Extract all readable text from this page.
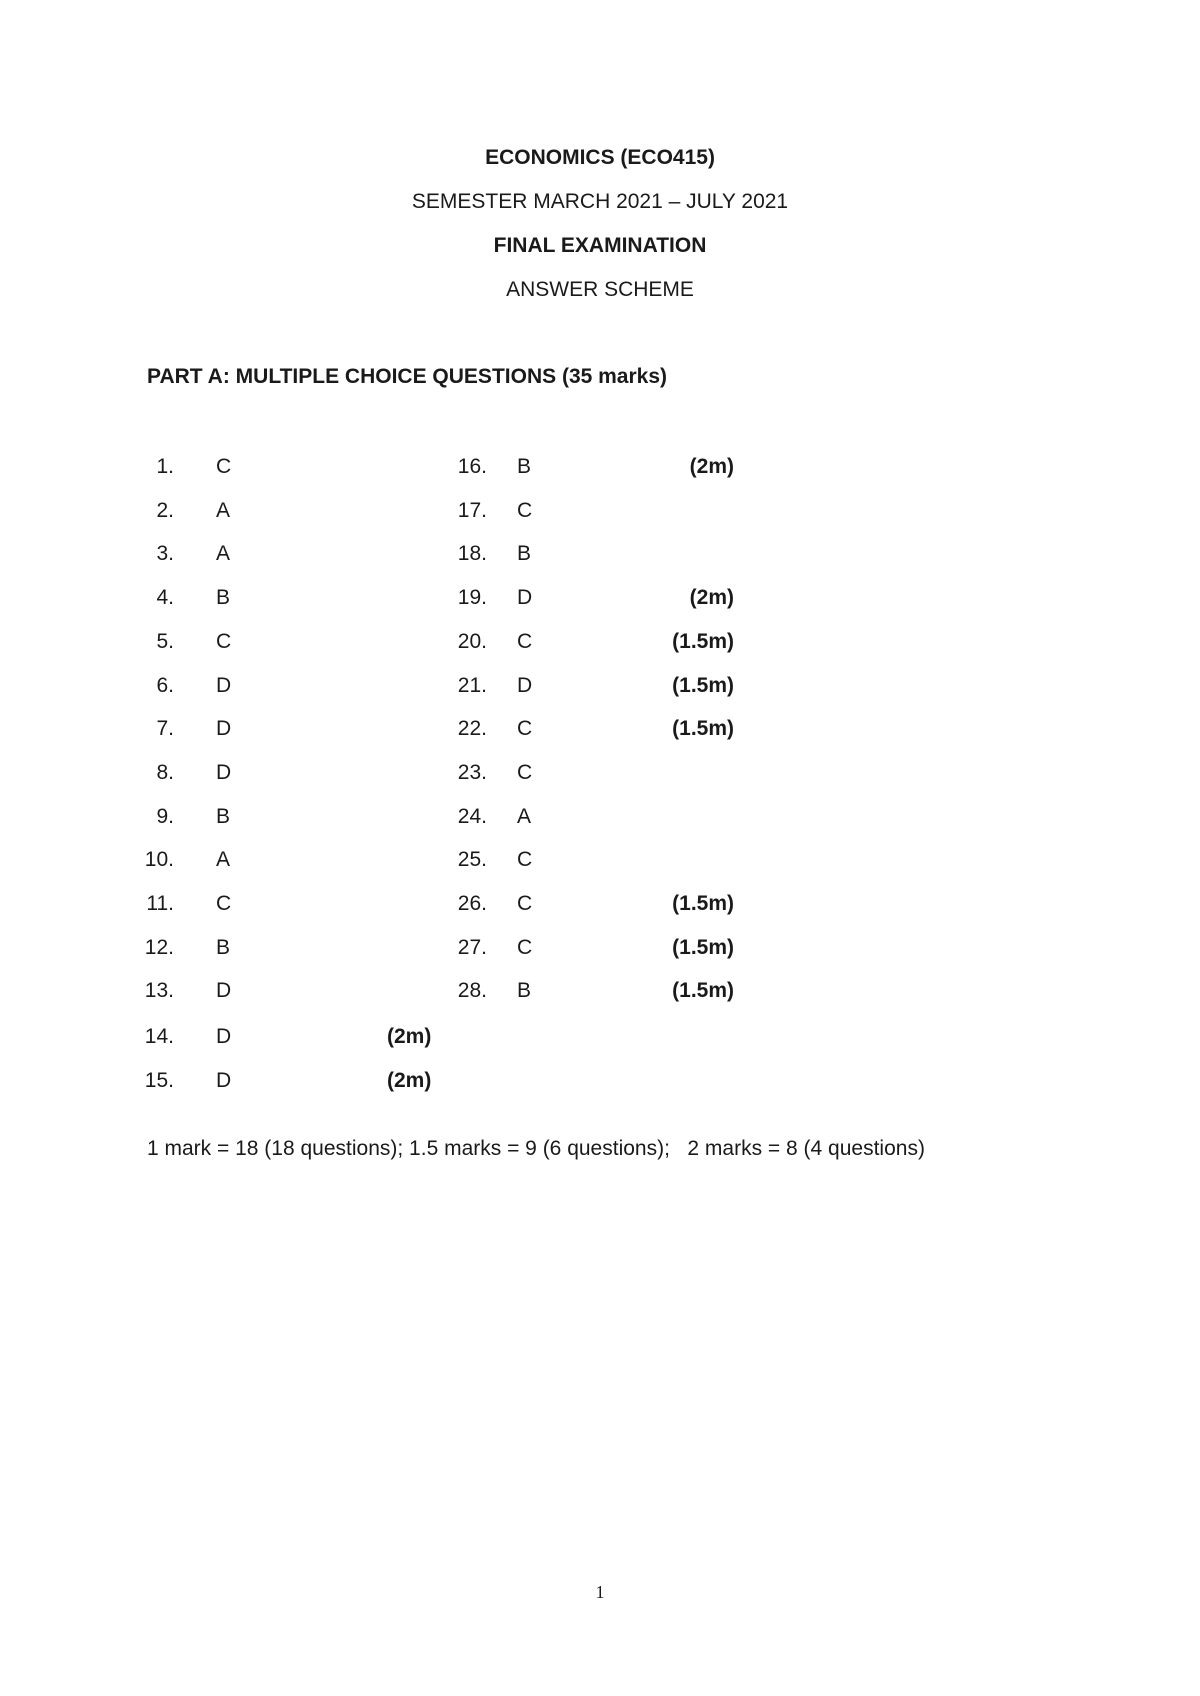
ECONOMICS (ECO415)
SEMESTER MARCH 2021 – JULY 2021
FINAL EXAMINATION
ANSWER SCHEME
PART A: MULTIPLE CHOICE QUESTIONS (35 marks)
1. C
2. A
3. A
4. B
5. C
6. D
7. D
8. D
9. B
10. A
11. C
12. B
13. D
14. D	(2m)
15. D	(2m)
16. B	(2m)
17. C
18. B
19. D	(2m)
20. C	(1.5m)
21. D	(1.5m)
22. C	(1.5m)
23. C
24. A
25. C
26. C	(1.5m)
27. C	(1.5m)
28. B	(1.5m)
1 mark = 18 (18 questions); 1.5 marks = 9 (6 questions);   2 marks = 8 (4 questions)
1
